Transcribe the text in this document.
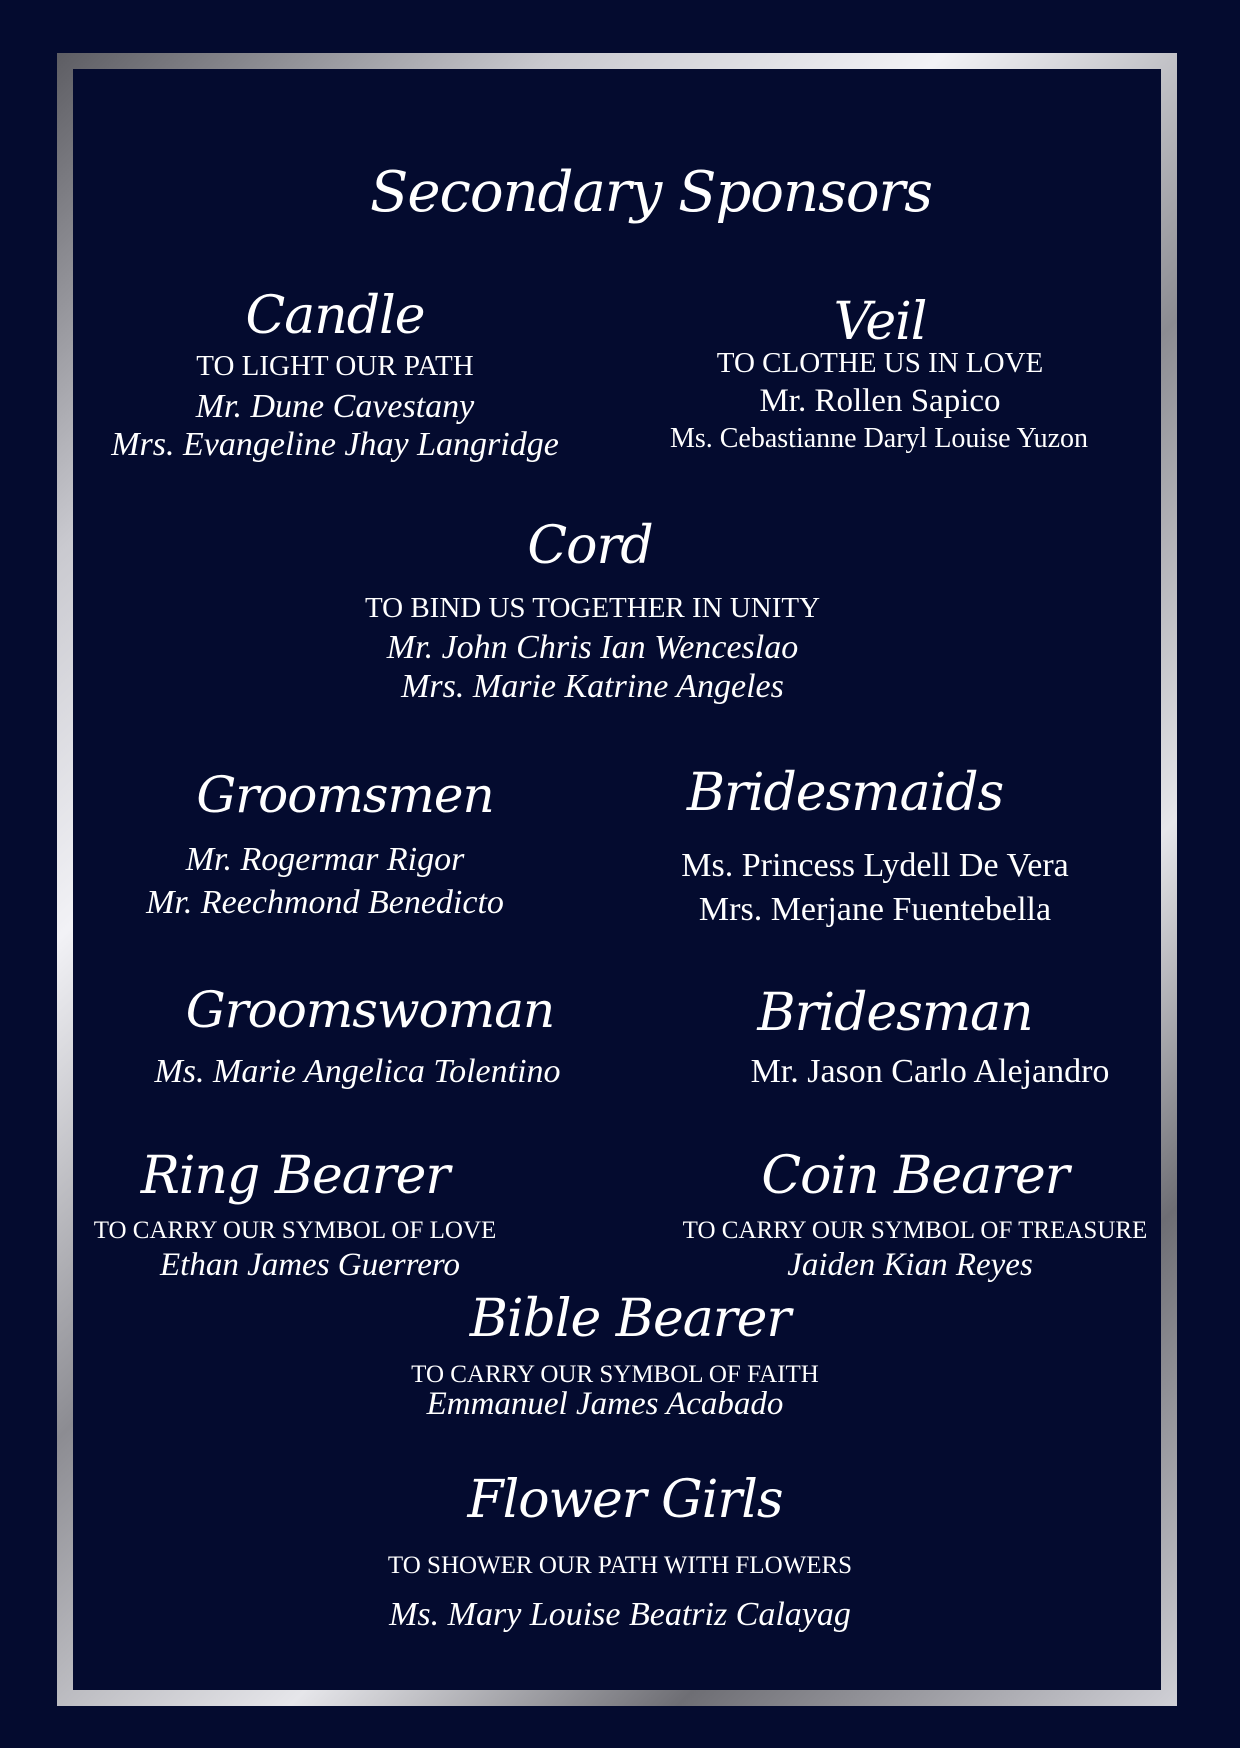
Secondary Sponsors
Candle
TO LIGHT OUR PATH
Mr. Dune Cavestany
Mrs. Evangeline Jhay Langridge
Veil
TO CLOTHE US IN LOVE
Mr. Rollen Sapico
Ms. Cebastianne Daryl Louise Yuzon
Cord
TO BIND US TOGETHER IN UNITY
Mr. John Chris Ian Wenceslao
Mrs. Marie Katrine Angeles
Groomsmen
Mr. Rogermar Rigor
Mr. Reechmond Benedicto
Bridesmaids
Ms. Princess Lydell De Vera
Mrs. Merjane Fuentebella
Groomswoman
Ms. Marie Angelica Tolentino
Bridesman
Mr. Jason Carlo Alejandro
Ring Bearer
TO CARRY OUR SYMBOL OF LOVE
Ethan James Guerrero
Coin Bearer
TO CARRY OUR SYMBOL OF TREASURE
Jaiden Kian Reyes
Bible Bearer
TO CARRY OUR SYMBOL OF FAITH
Emmanuel James Acabado
Flower Girls
TO SHOWER OUR PATH WITH FLOWERS
Ms. Mary Louise Beatriz Calayag
